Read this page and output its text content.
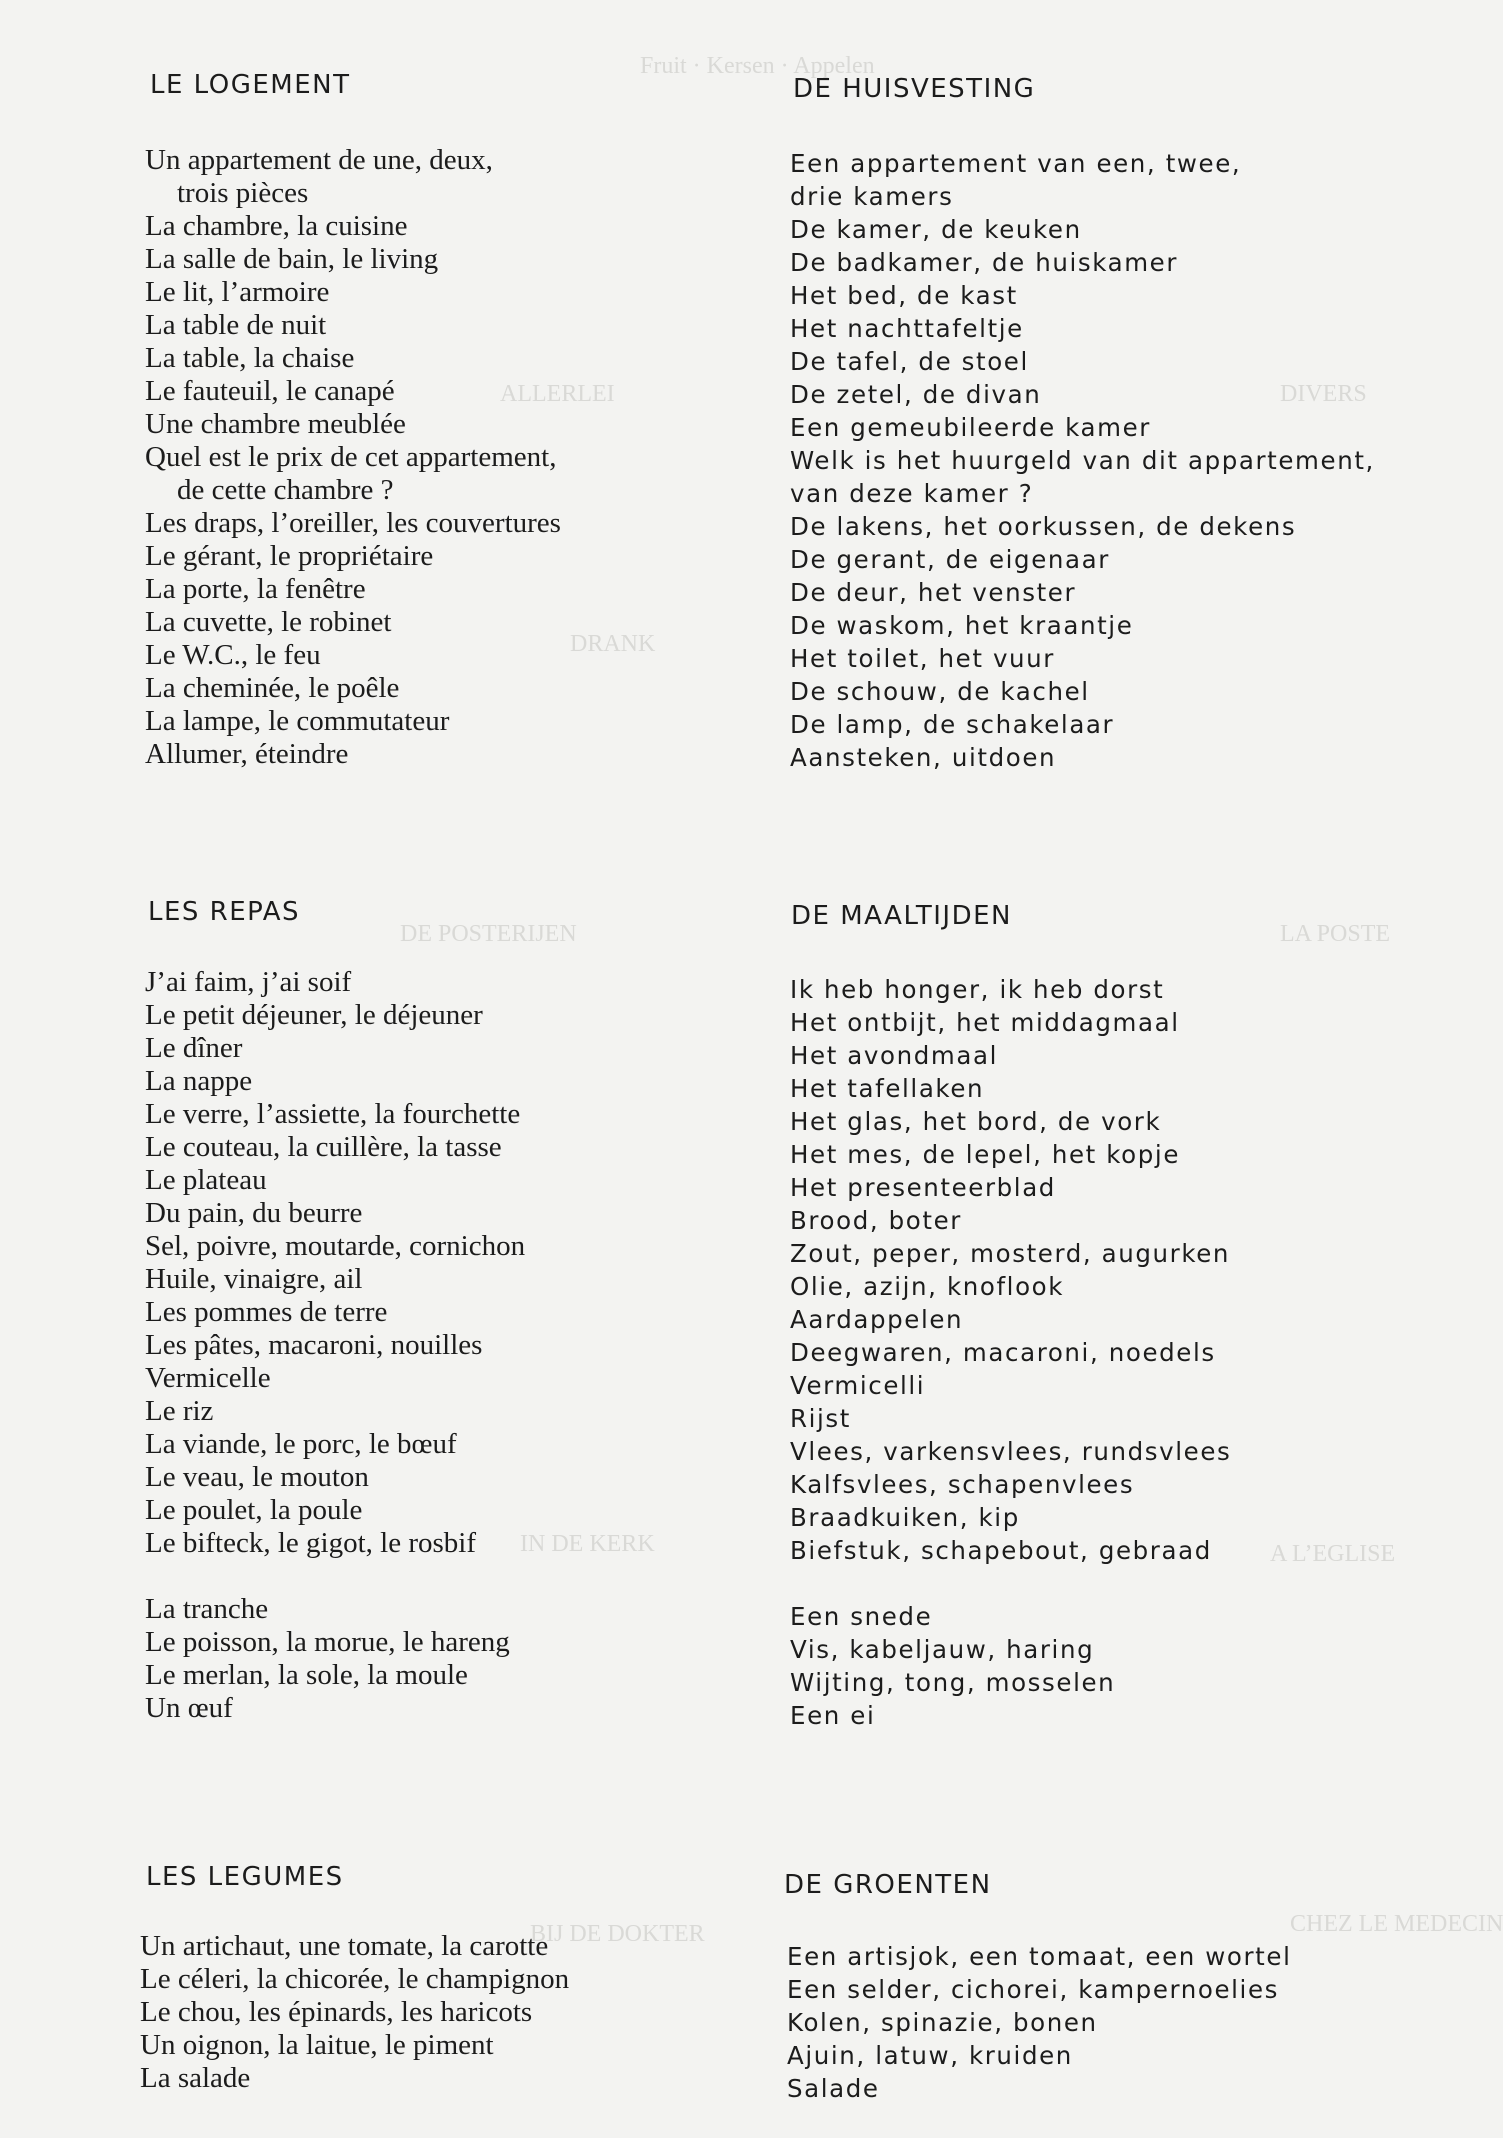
Fruit · Kersen · Appelen
ALLERLEI
DRANK
DE POSTERIJEN
IN DE KERK
BIJ DE DOKTER
DIVERS
LA POSTE
A L’EGLISE
CHEZ LE MEDECIN
LE LOGEMENT	DE HUISVESTING
Un appartement de une, deux,
trois pièces
La chambre, la cuisine
La salle de bain, le living
Le lit, l’armoire
La table de nuit
La table, la chaise
Le fauteuil, le canapé
Une chambre meublée
Quel est le prix de cet appartement,
de cette chambre ?
Les draps, l’oreiller, les couvertures
Le gérant, le propriétaire
La porte, la fenêtre
La cuvette, le robinet
Le W.C., le feu
La cheminée, le poêle
La lampe, le commutateur
Allumer, éteindre
Een appartement van een, twee,
drie kamers
De kamer, de keuken
De badkamer, de huiskamer
Het bed, de kast
Het nachttafeltje
De tafel, de stoel
De zetel, de divan
Een gemeubileerde kamer
Welk is het huurgeld van dit appartement,
van deze kamer ?
De lakens, het oorkussen, de dekens
De gerant, de eigenaar
De deur, het venster
De waskom, het kraantje
Het toilet, het vuur
De schouw, de kachel
De lamp, de schakelaar
Aansteken, uitdoen
LES REPAS	DE MAALTIJDEN
J’ai faim, j’ai soif
Le petit déjeuner, le déjeuner
Le dîner
La nappe
Le verre, l’assiette, la fourchette
Le couteau, la cuillère, la tasse
Le plateau
Du pain, du beurre
Sel, poivre, moutarde, cornichon
Huile, vinaigre, ail
Les pommes de terre
Les pâtes, macaroni, nouilles
Vermicelle
Le riz
La viande, le porc, le bœuf
Le veau, le mouton
Le poulet, la poule
Le bifteck, le gigot, le rosbif
La tranche
Le poisson, la morue, le hareng
Le merlan, la sole, la moule
Un œuf
Ik heb honger, ik heb dorst
Het ontbijt, het middagmaal
Het avondmaal
Het tafellaken
Het glas, het bord, de vork
Het mes, de lepel, het kopje
Het presenteerblad
Brood, boter
Zout, peper, mosterd, augurken
Olie, azijn, knoflook
Aardappelen
Deegwaren, macaroni, noedels
Vermicelli
Rijst
Vlees, varkensvlees, rundsvlees
Kalfsvlees, schapenvlees
Braadkuiken, kip
Biefstuk, schapebout, gebraad
Een snede
Vis, kabeljauw, haring
Wijting, tong, mosselen
Een ei
LES LEGUMES	DE GROENTEN
Un artichaut, une tomate, la carotte
Le céleri, la chicorée, le champignon
Le chou, les épinards, les haricots
Un oignon, la laitue, le piment
La salade
Een artisjok, een tomaat, een wortel
Een selder, cichorei, kampernoelies
Kolen, spinazie, bonen
Ajuin, latuw, kruiden
Salade
